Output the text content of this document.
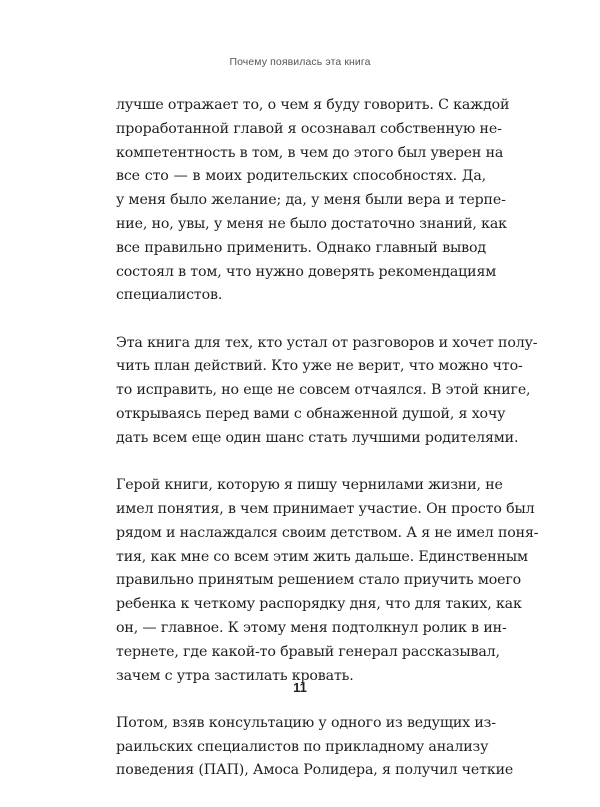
Почему появилась эта книга

лучше отражает то, о чем я буду говорить. С каждой
проработанной главой я осознавал собственную не-
компетентность в том, в чем до этого был уверен на
все сто — в моих родительских способностях. Да,
у меня было желание; да, у меня были вера и терпе-
ние, но, увы, у меня не было достаточно знаний, как
все правильно применить. Однако главный вывод
состоял в том, что нужно доверять рекомендациям
специалистов.

Эта книга для тех, кто устал от разговоров и хочет полу-
чить план действий. Кто уже не верит, что можно что-
то исправить, но еще не совсем отчаялся. В этой книге,
открываясь перед вами с обнаженной душой, я хочу
дать всем еще один шанс стать лучшими родителями.

Герой книги, которую я пишу чернилами жизни, не
имел понятия, в чем принимает участие. Он просто был
рядом и наслаждался своим детством. А я не имел поня-
тия, как мне со всем этим жить дальше. Единственным
правильно принятым решением стало приучить моего
ребенка к четкому распорядку дня, что для таких, как
он, — главное. К этому меня подтолкнул ролик в ин-
тернете, где какой-то бравый генерал рассказывал,
зачем с утра застилать кровать.

Потом, взяв консультацию у одного из ведущих из-
раильских специалистов по прикладному анализу
поведения (ПАП), Амоса Ролидера, я получил четкие

11
